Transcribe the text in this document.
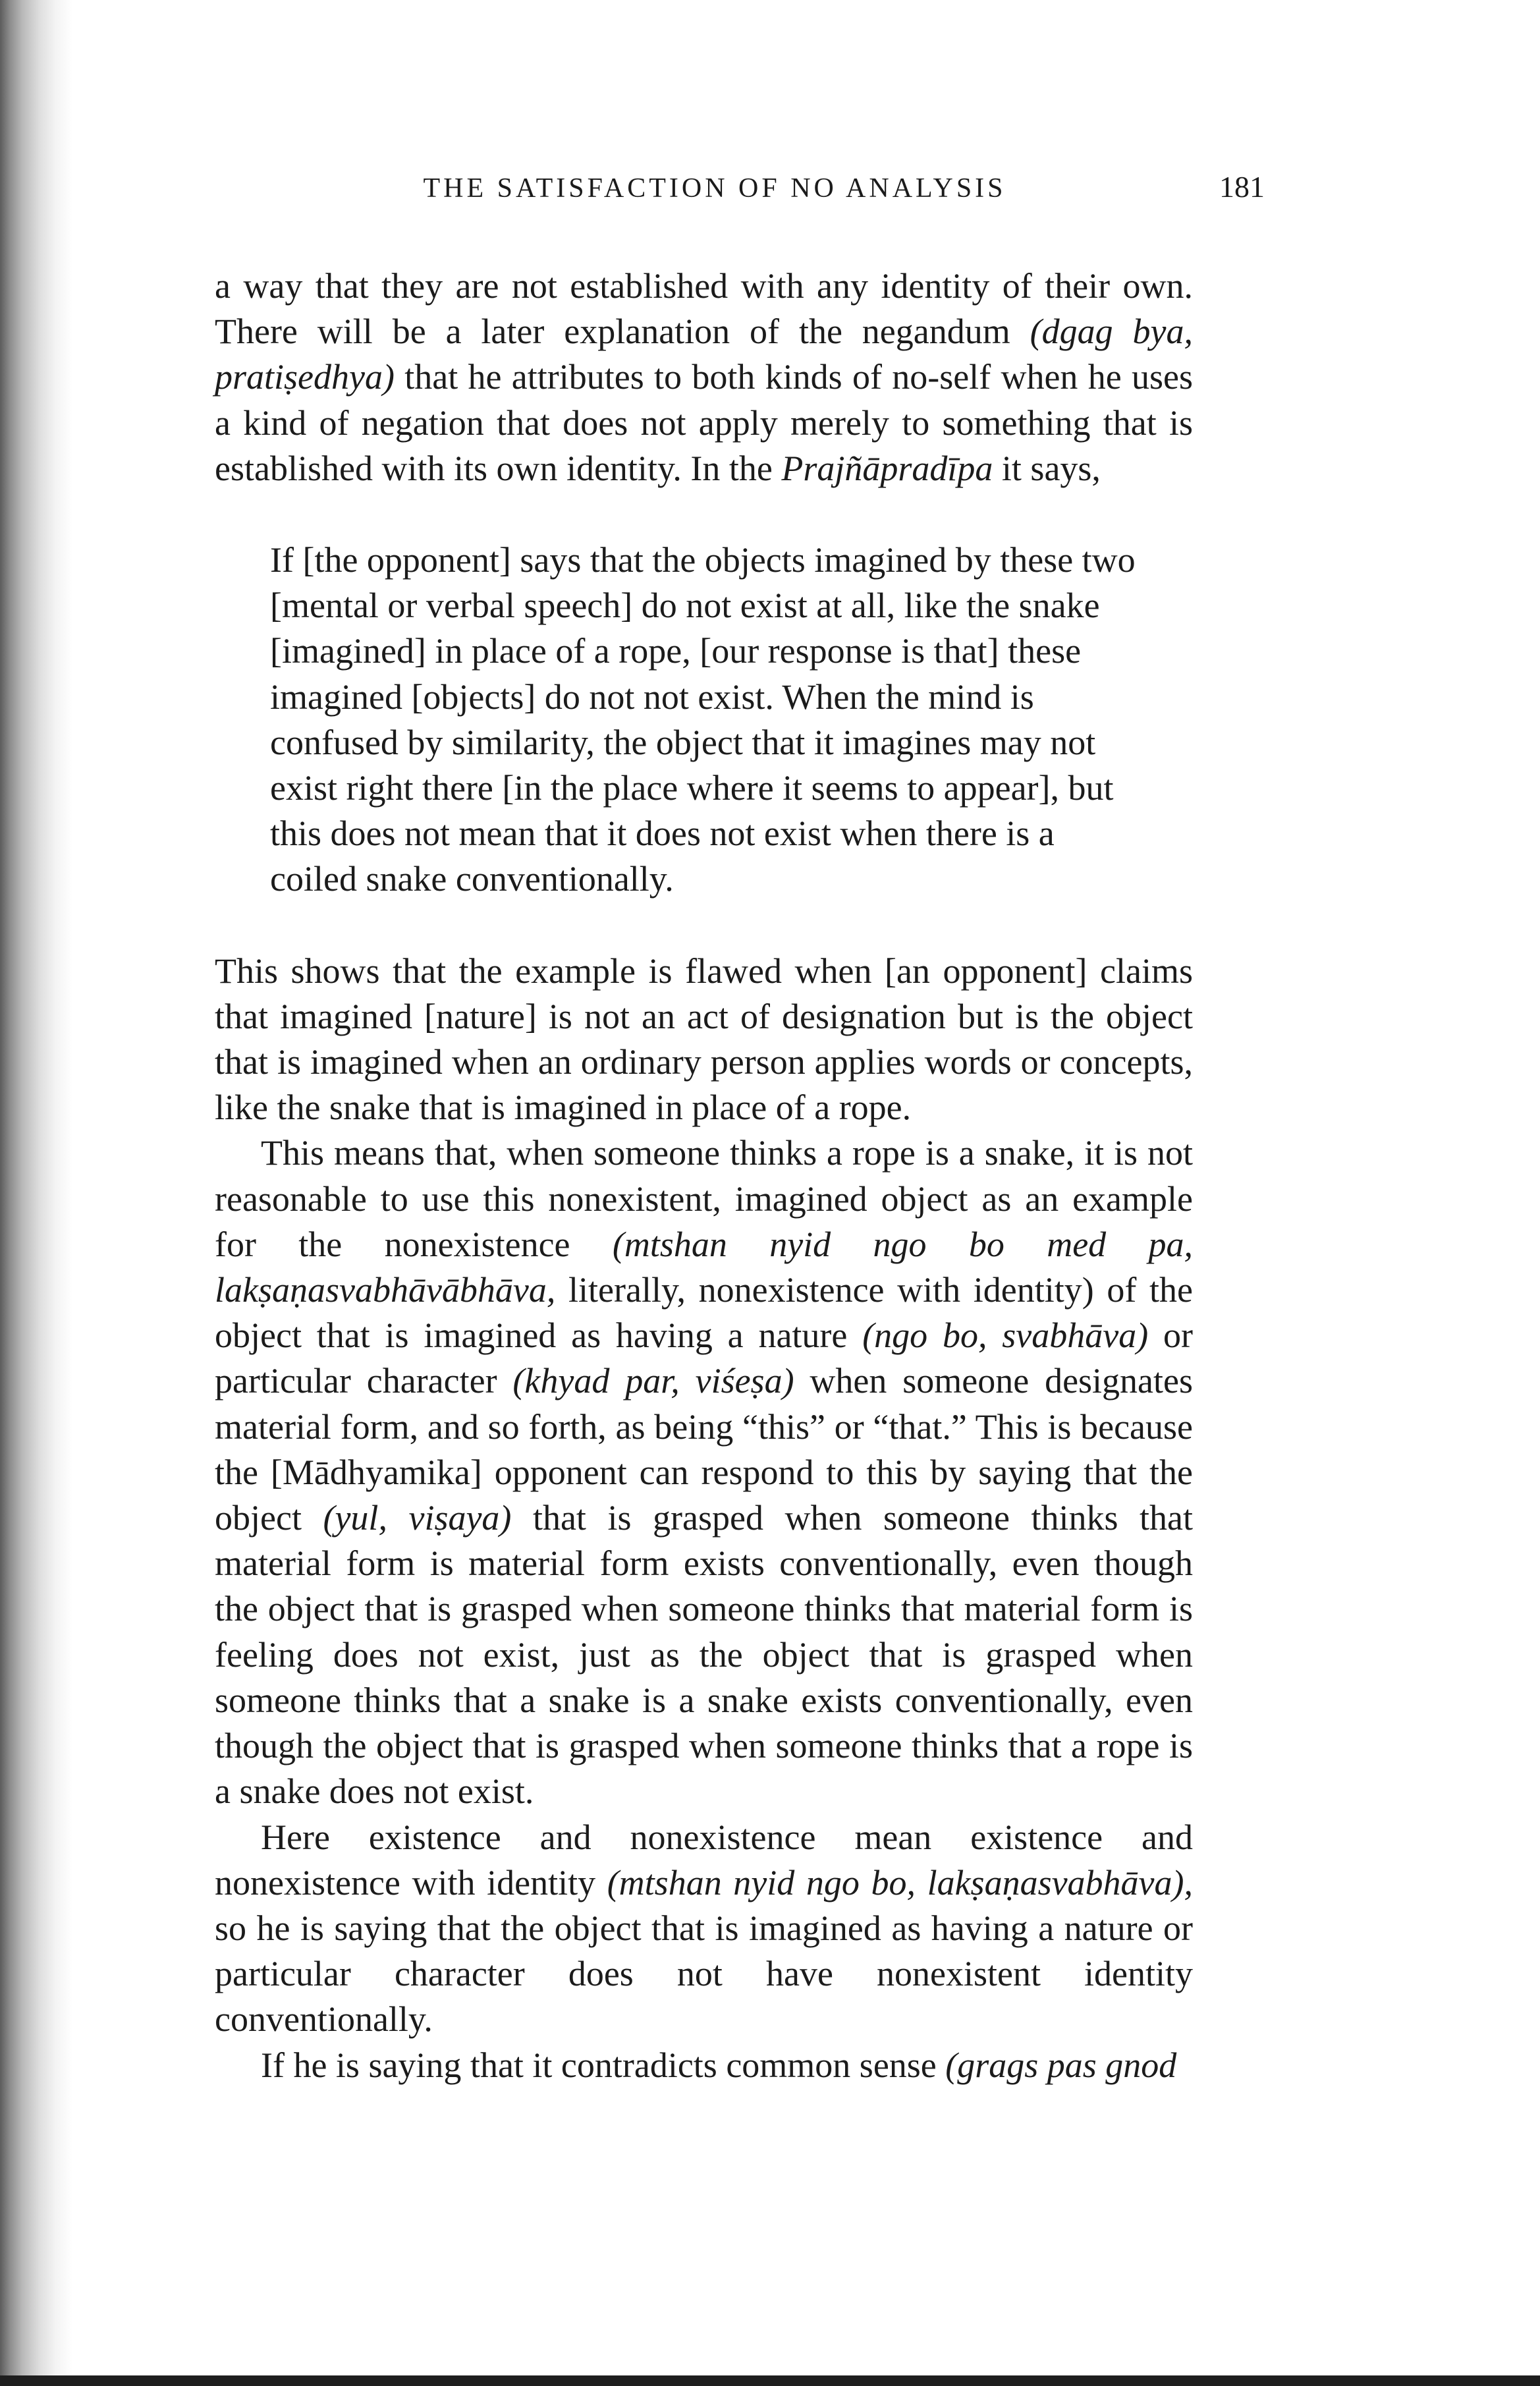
THE SATISFACTION OF NO ANALYSIS	181

a way that they are not established with any identity of their own. There will be a later explanation of the negandum (dgag bya, pratiṣedhya) that he attributes to both kinds of no-self when he uses a kind of negation that does not apply merely to something that is established with its own identity. In the Prajñāpradīpa it says,

If [the opponent] says that the objects imagined by these two [mental or verbal speech] do not exist at all, like the snake [imagined] in place of a rope, [our response is that] these imagined [objects] do not not exist. When the mind is confused by similarity, the object that it imagines may not exist right there [in the place where it seems to appear], but this does not mean that it does not exist when there is a coiled snake conventionally.

This shows that the example is flawed when [an opponent] claims that imagined [nature] is not an act of designation but is the object that is imagined when an ordinary person applies words or concepts, like the snake that is imagined in place of a rope.

This means that, when someone thinks a rope is a snake, it is not reasonable to use this nonexistent, imagined object as an example for the nonexistence (mtshan nyid ngo bo med pa, lakṣaṇasvabhāvābhāva, literally, nonexistence with identity) of the object that is imagined as having a nature (ngo bo, svabhāva) or particular character (khyad par, viśeṣa) when someone designates material form, and so forth, as being “this” or “that.” This is because the [Mādhyamika] opponent can respond to this by saying that the object (yul, viṣaya) that is grasped when someone thinks that material form is material form exists conventionally, even though the object that is grasped when someone thinks that material form is feeling does not exist, just as the object that is grasped when someone thinks that a snake is a snake exists conventionally, even though the object that is grasped when someone thinks that a rope is a snake does not exist.

Here existence and nonexistence mean existence and nonexistence with identity (mtshan nyid ngo bo, lakṣaṇasvabhāva), so he is saying that the object that is imagined as having a nature or particular character does not have nonexistent identity conventionally.

If he is saying that it contradicts common sense (grags pas gnod
